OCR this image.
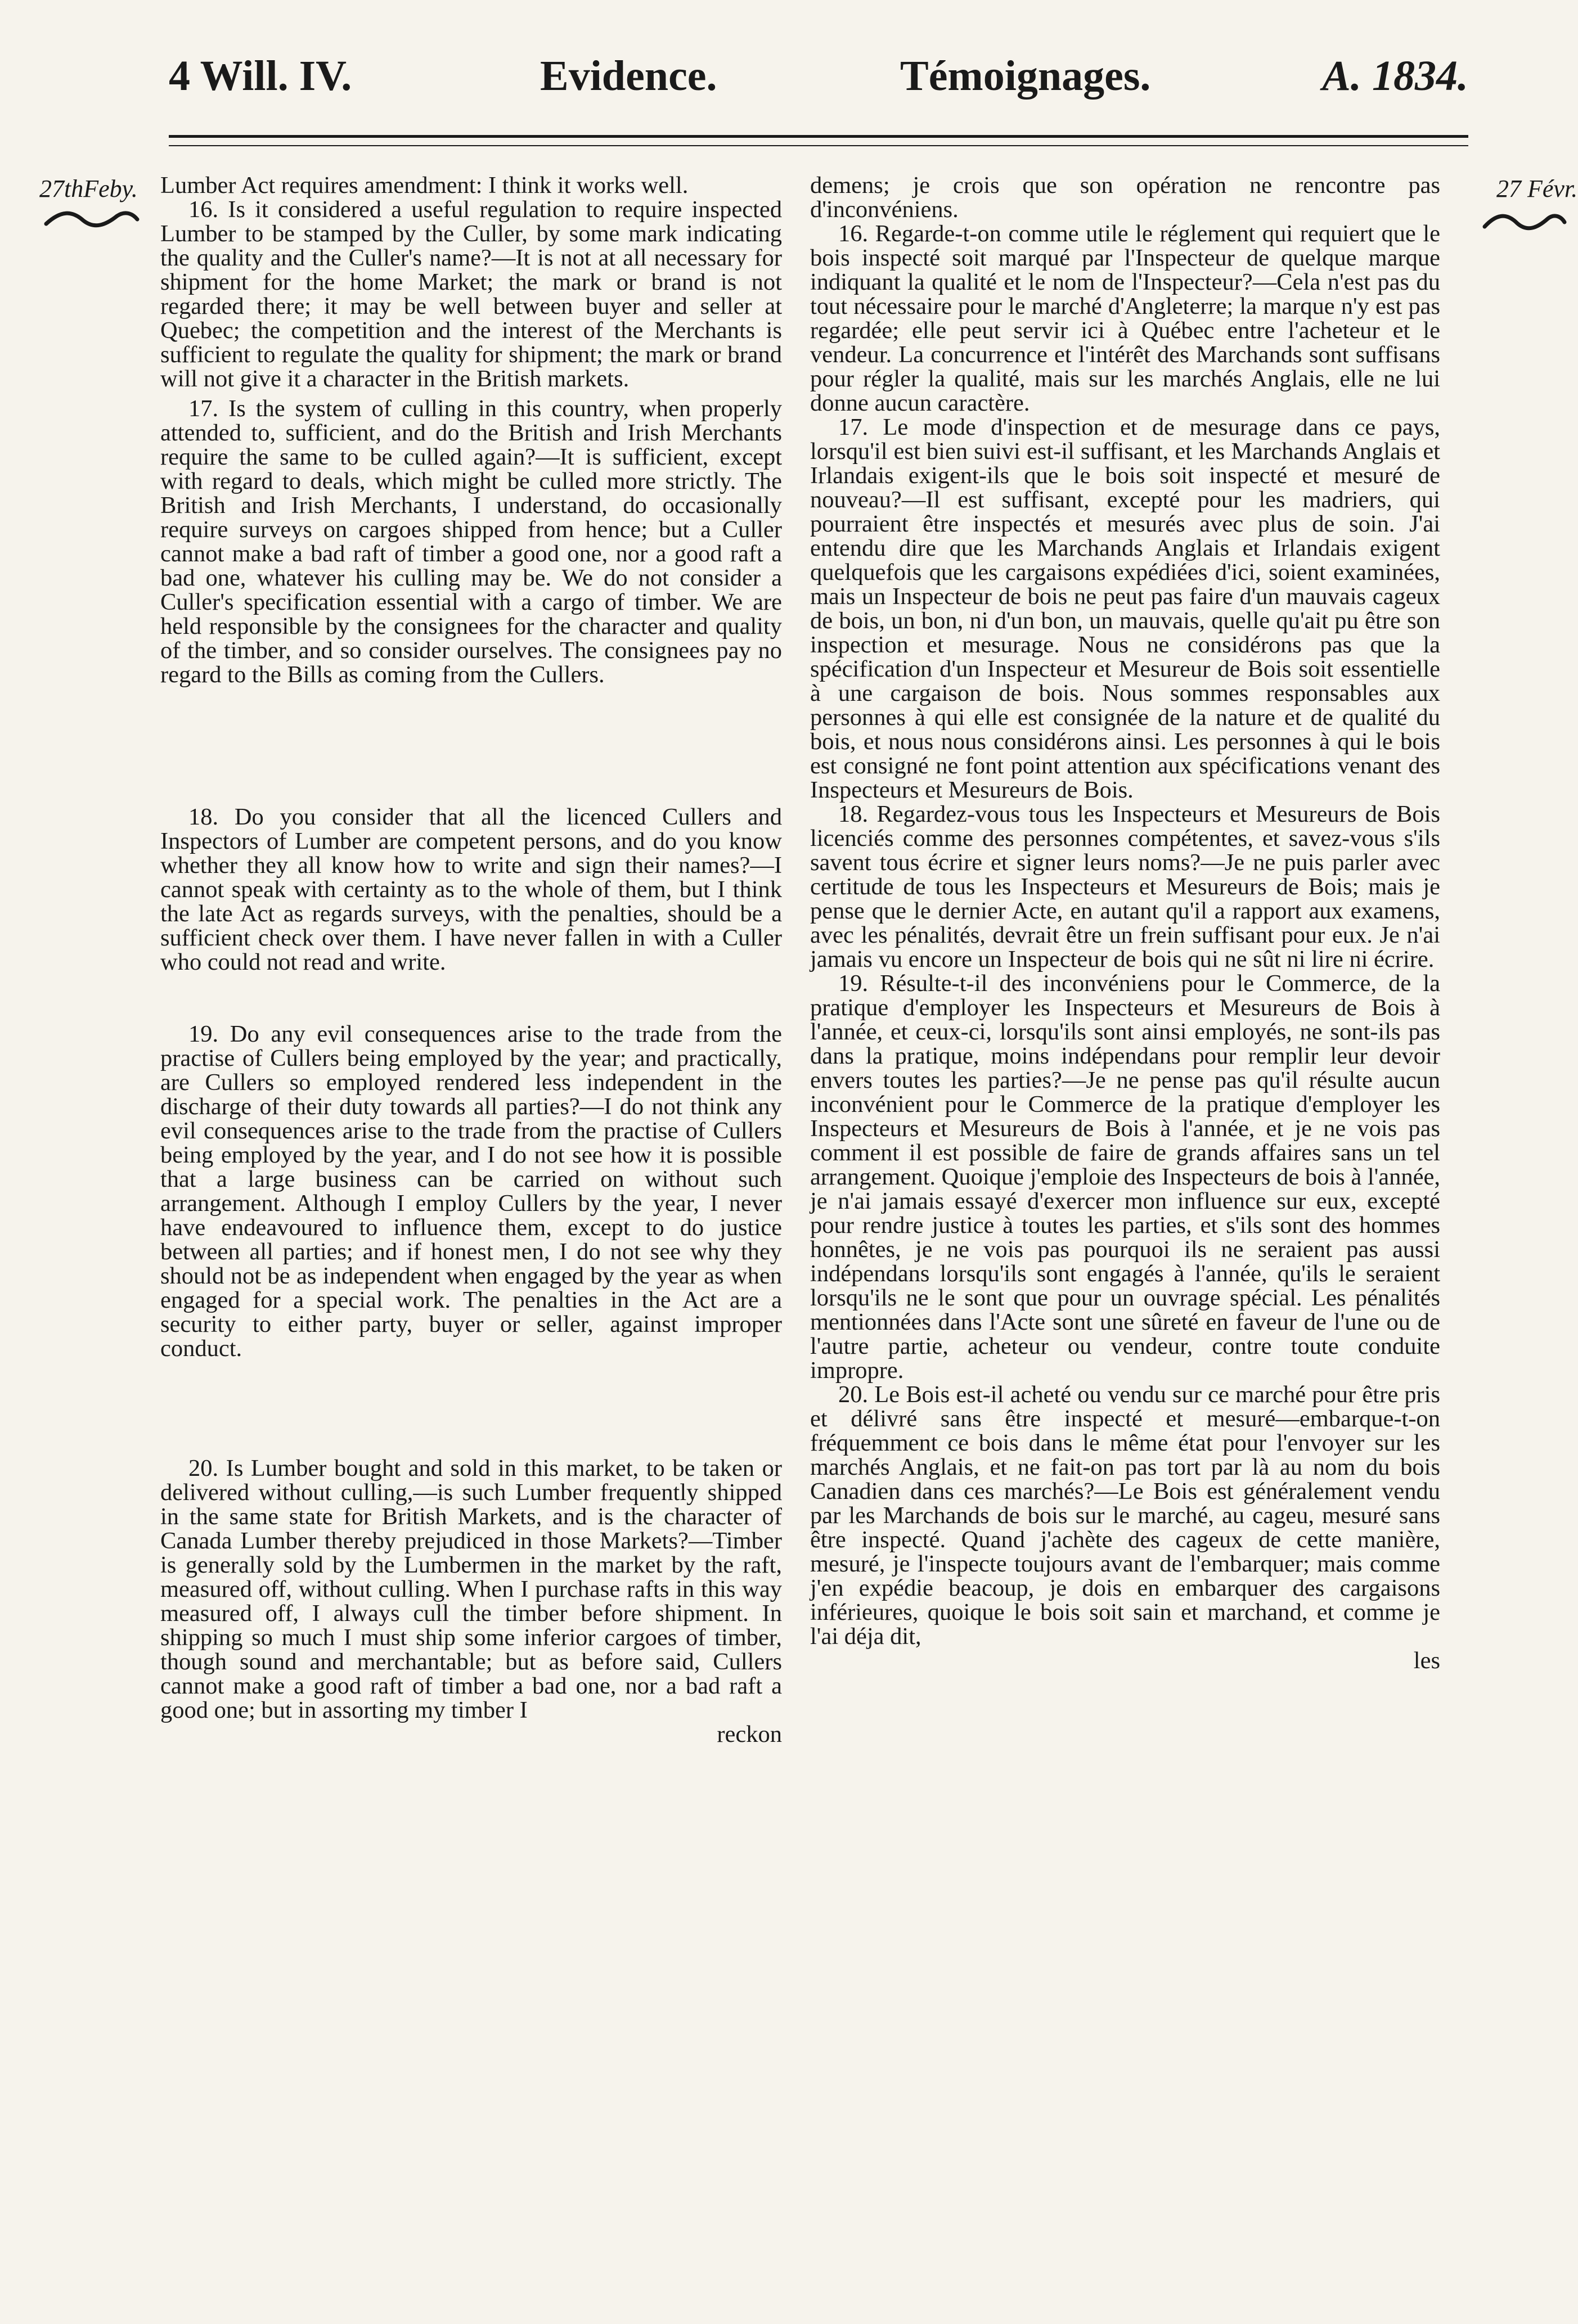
4 Will. IV.	Evidence.	Témoignages.	A. 1834.
27thFeby.	27 Févr.

Lumber Act requires amendment: I think it works well.

16. Is it considered a useful regulation to require inspected Lumber to be stamped by the Culler, by some mark indicating the quality and the Culler's name?—It is not at all necessary for shipment for the home Market; the mark or brand is not regarded there; it may be well between buyer and seller at Quebec; the competition and the interest of the Merchants is sufficient to regulate the quality for shipment; the mark or brand will not give it a character in the British markets.

17. Is the system of culling in this country, when properly attended to, sufficient, and do the British and Irish Merchants require the same to be culled again?—It is sufficient, except with regard to deals, which might be culled more strictly. The British and Irish Merchants, I understand, do occasionally require surveys on cargoes shipped from hence; but a Culler cannot make a bad raft of timber a good one, nor a good raft a bad one, whatever his culling may be. We do not consider a Culler's specification essential with a cargo of timber. We are held responsible by the consignees for the character and quality of the timber, and so consider ourselves. The consignees pay no regard to the Bills as coming from the Cullers.

18. Do you consider that all the licenced Cullers and Inspectors of Lumber are competent persons, and do you know whether they all know how to write and sign their names?—I cannot speak with certainty as to the whole of them, but I think the late Act as regards surveys, with the penalties, should be a sufficient check over them. I have never fallen in with a Culler who could not read and write.

19. Do any evil consequences arise to the trade from the practise of Cullers being employed by the year; and practically, are Cullers so employed rendered less independent in the discharge of their duty towards all parties?—I do not think any evil consequences arise to the trade from the practise of Cullers being employed by the year, and I do not see how it is possible that a large business can be carried on without such arrangement. Although I employ Cullers by the year, I never have endeavoured to influence them, except to do justice between all parties; and if honest men, I do not see why they should not be as independent when engaged by the year as when engaged for a special work. The penalties in the Act are a security to either party, buyer or seller, against improper conduct.

20. Is Lumber bought and sold in this market, to be taken or delivered without culling,—is such Lumber frequently shipped in the same state for British Markets, and is the character of Canada Lumber thereby prejudiced in those Markets?—Timber is generally sold by the Lumbermen in the market by the raft, measured off, without culling. When I purchase rafts in this way measured off, I always cull the timber before shipment. In shipping so much I must ship some inferior cargoes of timber, though sound and merchantable; but as before said, Cullers cannot make a good raft of timber a bad one, nor a bad raft a good one; but in assorting my timber I

reckon

demens; je crois que son opération ne rencontre pas d'inconvéniens.

16. Regarde-t-on comme utile le réglement qui requiert que le bois inspecté soit marqué par l'Inspecteur de quelque marque indiquant la qualité et le nom de l'Inspecteur?—Cela n'est pas du tout nécessaire pour le marché d'Angleterre; la marque n'y est pas regardée; elle peut servir ici à Québec entre l'acheteur et le vendeur. La concurrence et l'intérêt des Marchands sont suffisans pour régler la qualité, mais sur les marchés Anglais, elle ne lui donne aucun caractère.

17. Le mode d'inspection et de mesurage dans ce pays, lorsqu'il est bien suivi est-il suffisant, et les Marchands Anglais et Irlandais exigent-ils que le bois soit inspecté et mesuré de nouveau?—Il est suffisant, excepté pour les madriers, qui pourraient être inspectés et mesurés avec plus de soin. J'ai entendu dire que les Marchands Anglais et Irlandais exigent quelquefois que les cargaisons expédiées d'ici, soient examinées, mais un Inspecteur de bois ne peut pas faire d'un mauvais cageux de bois, un bon, ni d'un bon, un mauvais, quelle qu'ait pu être son inspection et mesurage. Nous ne considérons pas que la spécification d'un Inspecteur et Mesureur de Bois soit essentielle à une cargaison de bois. Nous sommes responsables aux personnes à qui elle est consignée de la nature et de qualité du bois, et nous nous considérons ainsi. Les personnes à qui le bois est consigné ne font point attention aux spécifications venant des Inspecteurs et Mesureurs de Bois.

18. Regardez-vous tous les Inspecteurs et Mesureurs de Bois licenciés comme des personnes compétentes, et savez-vous s'ils savent tous écrire et signer leurs noms?—Je ne puis parler avec certitude de tous les Inspecteurs et Mesureurs de Bois; mais je pense que le dernier Acte, en autant qu'il a rapport aux examens, avec les pénalités, devrait être un frein suffisant pour eux. Je n'ai jamais vu encore un Inspecteur de bois qui ne sût ni lire ni écrire.

19. Résulte-t-il des inconvéniens pour le Commerce, de la pratique d'employer les Inspecteurs et Mesureurs de Bois à l'année, et ceux-ci, lorsqu'ils sont ainsi employés, ne sont-ils pas dans la pratique, moins indépendans pour remplir leur devoir envers toutes les parties?—Je ne pense pas qu'il résulte aucun inconvénient pour le Commerce de la pratique d'employer les Inspecteurs et Mesureurs de Bois à l'année, et je ne vois pas comment il est possible de faire de grands affaires sans un tel arrangement. Quoique j'emploie des Inspecteurs de bois à l'année, je n'ai jamais essayé d'exercer mon influence sur eux, excepté pour rendre justice à toutes les parties, et s'ils sont des hommes honnêtes, je ne vois pas pourquoi ils ne seraient pas aussi indépendans lorsqu'ils sont engagés à l'année, qu'ils le seraient lorsqu'ils ne le sont que pour un ouvrage spécial. Les pénalités mentionnées dans l'Acte sont une sûreté en faveur de l'une ou de l'autre partie, acheteur ou vendeur, contre toute conduite impropre.

20. Le Bois est-il acheté ou vendu sur ce marché pour être pris et délivré sans être inspecté et mesuré—embarque-t-on fréquemment ce bois dans le même état pour l'envoyer sur les marchés Anglais, et ne fait-on pas tort par là au nom du bois Canadien dans ces marchés?—Le Bois est généralement vendu par les Marchands de bois sur le marché, au cageu, mesuré sans être inspecté. Quand j'achète des cageux de cette manière, mesuré, je l'inspecte toujours avant de l'embarquer; mais comme j'en expédie beacoup, je dois en embarquer des cargaisons inférieures, quoique le bois soit sain et marchand, et comme je l'ai déja dit,

les
